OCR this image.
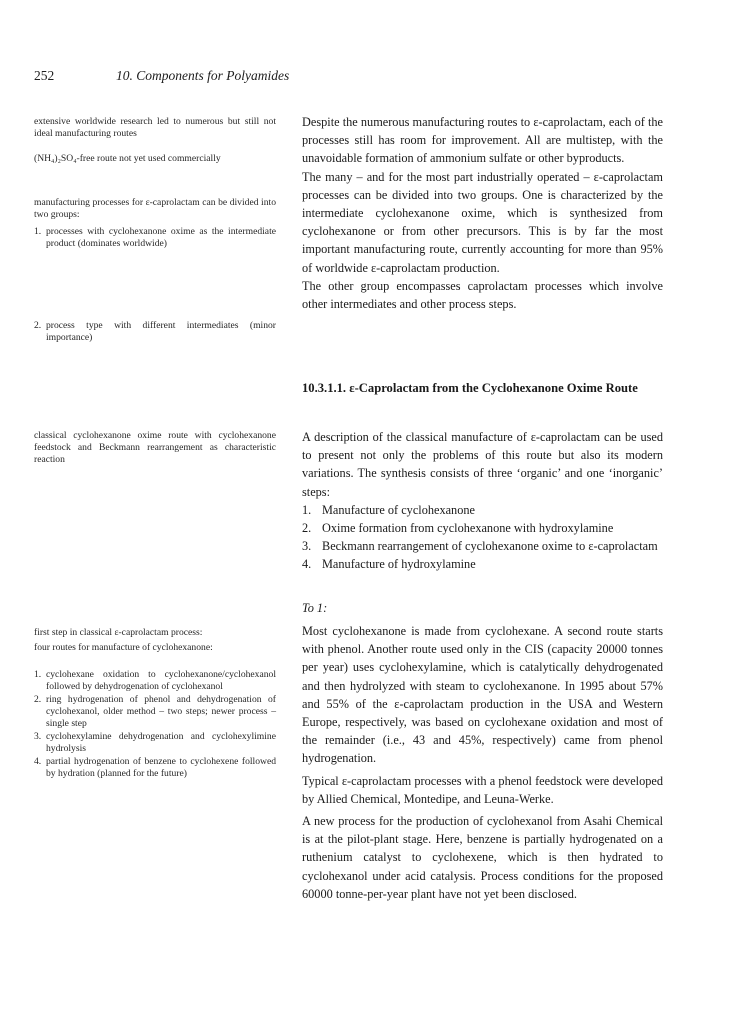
252	10. Components for Polyamides

extensive worldwide research led to numerous but still not ideal manufacturing routes

(NH₄)₂SO₄-free route not yet used commercially

manufacturing processes for ε-caprolactam can be divided into two groups:

1. processes with cyclohexanone oxime as the intermediate product (dominates worldwide)
2. process type with different intermediates (minor importance)

classical cyclohexanone oxime route with cyclohexanone feedstock and Beckmann rearrangement as characteristic reaction

first step in classical ε-caprolactam process:

four routes for manufacture of cyclohexanone:

1. cyclohexane oxidation to cyclohexanone/cyclohexanol followed by dehydrogenation of cyclohexanol
2. ring hydrogenation of phenol and dehydrogenation of cyclohexanol, older method – two steps; newer process – single step
3. cyclohexylamine dehydrogenation and cyclohexylimine hydrolysis
4. partial hydrogenation of benzene to cyclohexene followed by hydration (planned for the future)

Despite the numerous manufacturing routes to ε-caprolactam, each of the processes still has room for improvement. All are multistep, with the unavoidable formation of ammonium sulfate or other byproducts.

The many – and for the most part industrially operated – ε-caprolactam processes can be divided into two groups. One is characterized by the intermediate cyclohexanone oxime, which is synthesized from cyclohexanone or from other precursors. This is by far the most important manufacturing route, currently accounting for more than 95% of worldwide ε-caprolactam production.

The other group encompasses caprolactam processes which involve other intermediates and other process steps.

10.3.1.1. ε-Caprolactam from the Cyclohexanone Oxime Route

A description of the classical manufacture of ε-caprolactam can be used to present not only the problems of this route but also its modern variations. The synthesis consists of three ‘organic’ and one ‘inorganic’ steps:

1. Manufacture of cyclohexanone
2. Oxime formation from cyclohexanone with hydroxylamine
3. Beckmann rearrangement of cyclohexanone oxime to ε-caprolactam
4. Manufacture of hydroxylamine
To 1:

Most cyclohexanone is made from cyclohexane. A second route starts with phenol. Another route used only in the CIS (capacity 20000 tonnes per year) uses cyclohexylamine, which is catalytically dehydrogenated and then hydrolyzed with steam to cyclohexanone. In 1995 about 57% and 55% of the ε-caprolactam production in the USA and Western Europe, respectively, was based on cyclohexane oxidation and most of the remainder (i.e., 43 and 45%, respectively) came from phenol hydrogenation.

Typical ε-caprolactam processes with a phenol feedstock were developed by Allied Chemical, Montedipe, and Leuna-Werke.

A new process for the production of cyclohexanol from Asahi Chemical is at the pilot-plant stage. Here, benzene is partially hydrogenated on a ruthenium catalyst to cyclohexene, which is then hydrated to cyclohexanol under acid catalysis. Process conditions for the proposed 60000 tonne-per-year plant have not yet been disclosed.
